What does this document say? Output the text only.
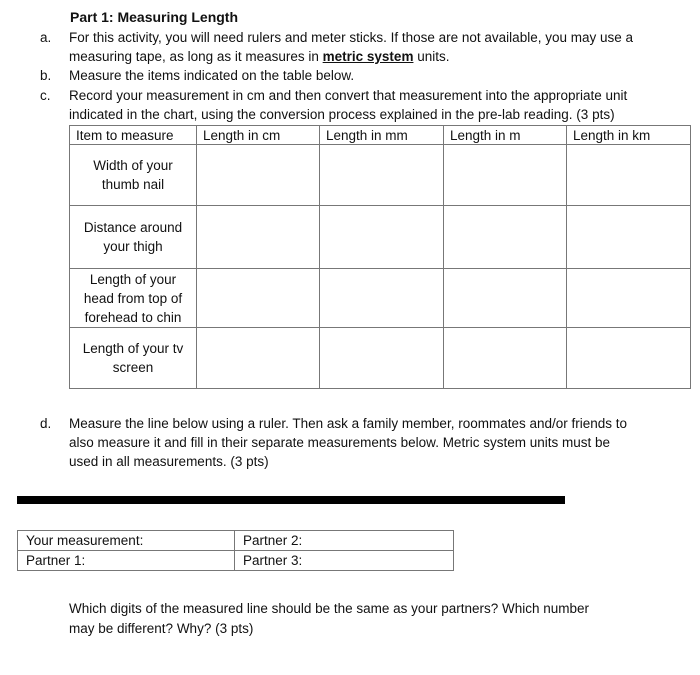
Part 1: Measuring Length
a.	For this activity, you will need rulers and meter sticks. If those are not available, you may use a
measuring tape, as long as it measures in metric system units.
b.	Measure the items indicated on the table below.
c.	Record your measurement in cm and then convert that measurement into the appropriate unit
indicated in the chart, using the conversion process explained in the pre-lab reading. (3 pts)
Item to measure	Length in cm	Length in mm	Length in m	Length in km
Width of your
thumb nail				
Distance around
your thigh				
Length of your
head from top of
forehead to chin				
Length of your tv
screen				
d.	Measure the line below using a ruler. Then ask a family member, roommates and/or friends to
also measure it and fill in their separate measurements below. Metric system units must be
used in all measurements. (3 pts)
Your measurement:	Partner 2:
Partner 1:	Partner 3:
Which digits of the measured line should be the same as your partners? Which number
may be different? Why? (3 pts)
